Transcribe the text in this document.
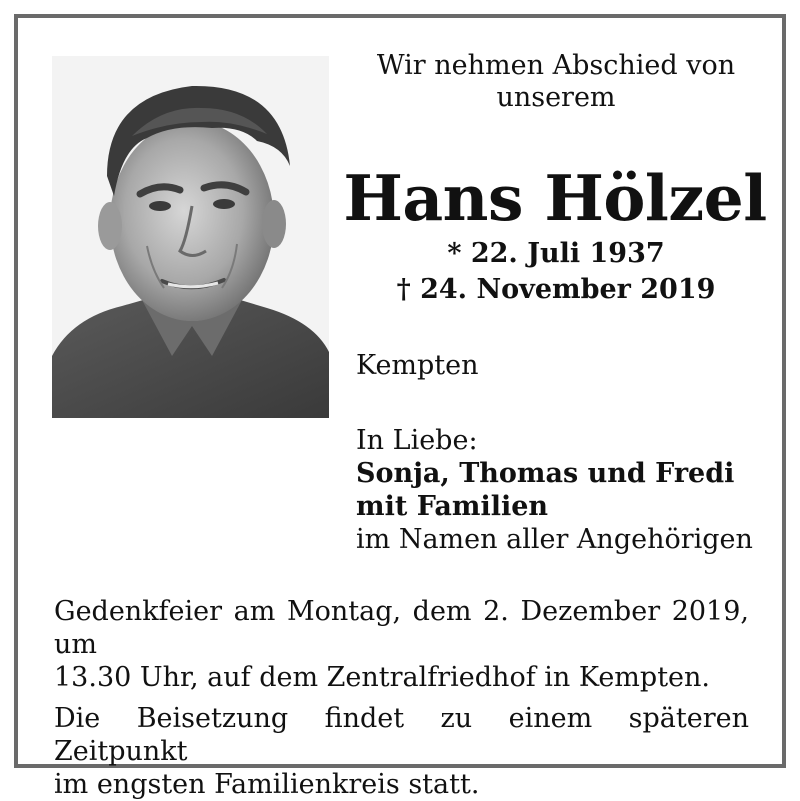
Wir nehmen Abschied von
unserem
Hans Hölzel
* 22. Juli 1937
† 24. November 2019
Kempten
In Liebe:
Sonja, Thomas und Fredi
mit Familien
im Namen aller Angehörigen

Gedenkfeier am Montag, dem 2. Dezember 2019, um
13.30 Uhr, auf dem Zentralfriedhof in Kempten.

Die Beisetzung findet zu einem späteren Zeitpunkt
im engsten Familienkreis statt.
